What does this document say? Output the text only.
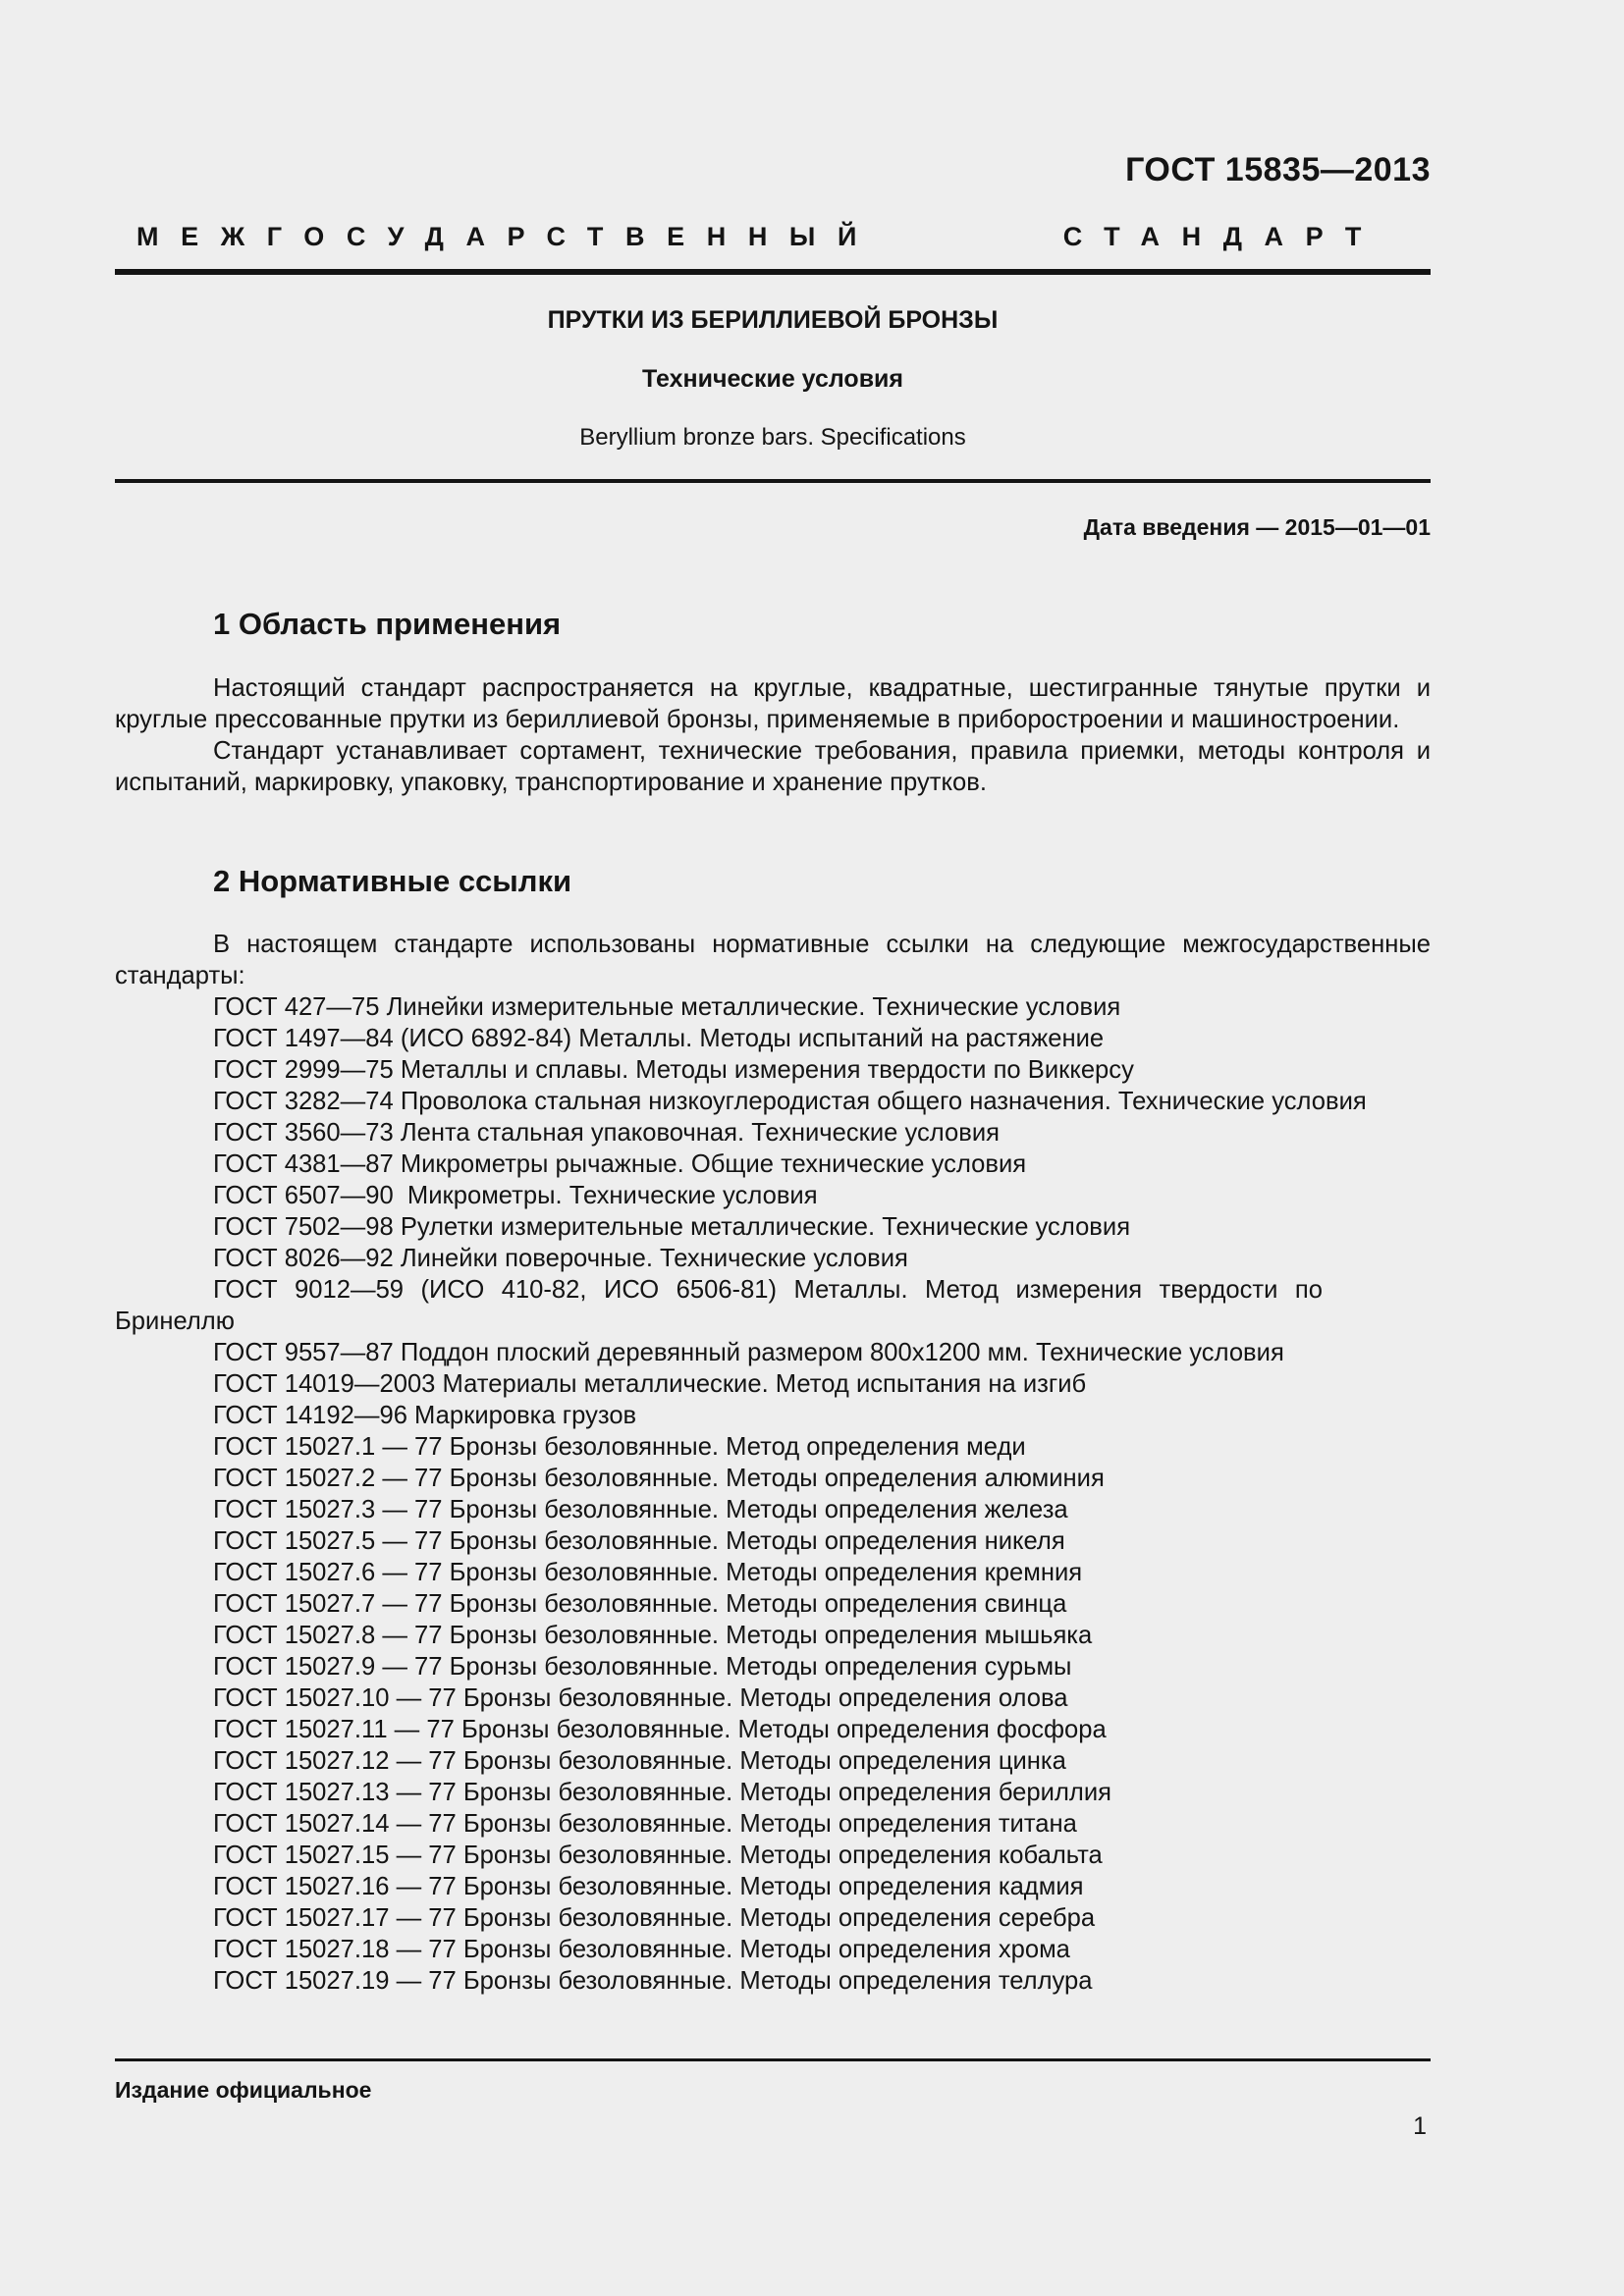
ГОСТ 15835—2013
МЕЖГОСУДАРСТВЕННЫЙ	СТАНДАРТ
ПРУТКИ ИЗ БЕРИЛЛИЕВОЙ БРОНЗЫ
Технические условия
Beryllium bronze bars. Specifications
Дата введения — 2015—01—01
1 Область применения

Настоящий стандарт распространяется на круглые, квадратные, шестигранные тянутые прутки и круглые прессованные прутки из бериллиевой бронзы, применяемые в приборостроении и машиностроении.

Стандарт устанавливает сортамент, технические требования, правила приемки, методы контроля и испытаний, маркировку, упаковку, транспортирование и хранение прутков.

2 Нормативные ссылки

В настоящем стандарте использованы нормативные ссылки на следующие межгосударственные стандарты:

ГОСТ 427—75 Линейки измерительные металлические. Технические условия

ГОСТ 1497—84 (ИСО 6892-84) Металлы. Методы испытаний на растяжение

ГОСТ 2999—75 Металлы и сплавы. Методы измерения твердости по Виккерсу

ГОСТ 3282—74 Проволока стальная низкоуглеродистая общего назначения. Технические условия

ГОСТ 3560—73 Лента стальная упаковочная. Технические условия

ГОСТ 4381—87 Микрометры рычажные. Общие технические условия

ГОСТ 6507—90  Микрометры. Технические условия

ГОСТ 7502—98 Рулетки измерительные металлические. Технические условия

ГОСТ 8026—92 Линейки поверочные. Технические условия

ГОСТ 9012—59 (ИСО 410-82, ИСО 6506-81) Металлы. Метод измерения твердости по Бринеллю

ГОСТ 9557—87 Поддон плоский деревянный размером 800х1200 мм. Технические условия

ГОСТ 14019—2003 Материалы металлические. Метод испытания на изгиб

ГОСТ 14192—96 Маркировка грузов

ГОСТ 15027.1 — 77 Бронзы безоловянные. Метод определения меди

ГОСТ 15027.2 — 77 Бронзы безоловянные. Методы определения алюминия

ГОСТ 15027.3 — 77 Бронзы безоловянные. Методы определения железа

ГОСТ 15027.5 — 77 Бронзы безоловянные. Методы определения никеля

ГОСТ 15027.6 — 77 Бронзы безоловянные. Методы определения кремния

ГОСТ 15027.7 — 77 Бронзы безоловянные. Методы определения свинца

ГОСТ 15027.8 — 77 Бронзы безоловянные. Методы определения мышьяка

ГОСТ 15027.9 — 77 Бронзы безоловянные. Методы определения сурьмы

ГОСТ 15027.10 — 77 Бронзы безоловянные. Методы определения олова

ГОСТ 15027.11 — 77 Бронзы безоловянные. Методы определения фосфора

ГОСТ 15027.12 — 77 Бронзы безоловянные. Методы определения цинка

ГОСТ 15027.13 — 77 Бронзы безоловянные. Методы определения бериллия

ГОСТ 15027.14 — 77 Бронзы безоловянные. Методы определения титана

ГОСТ 15027.15 — 77 Бронзы безоловянные. Методы определения кобальта

ГОСТ 15027.16 — 77 Бронзы безоловянные. Методы определения кадмия

ГОСТ 15027.17 — 77 Бронзы безоловянные. Методы определения серебра

ГОСТ 15027.18 — 77 Бронзы безоловянные. Методы определения хрома

ГОСТ 15027.19 — 77 Бронзы безоловянные. Методы определения теллура

Издание официальное
1
